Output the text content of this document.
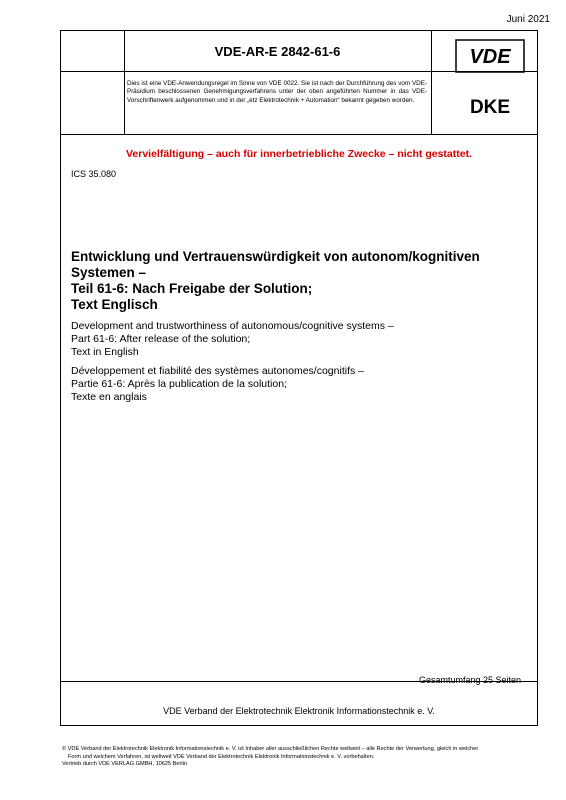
Juni 2021
VDE-AR-E 2842-61-6	VDE
Dies ist eine VDE-Anwendungsregel im Sinne von VDE 0022. Sie ist nach der Durchführung des vom VDE-Präsidium beschlossenen Genehmigungsverfahrens unter der oben angeführten Nummer in das VDE-Vorschriftenwerk aufgenommen und in der „etz Elektrotechnik + Automation“ bekannt gegeben worden.	DKE
Vervielfältigung – auch für innerbetriebliche Zwecke – nicht gestattet.
ICS 35.080
Entwicklung und Vertrauenswürdigkeit von autonom/kognitiven
Systemen –
Teil 61-6: Nach Freigabe der Solution;
Text Englisch
Development and trustworthiness of autonomous/cognitive systems –
Part 61-6: After release of the solution;
Text in English
Développement et fiabilité des systèmes autonomes/cognitifs –
Partie 61-6: Après la publication de la solution;
Texte en anglais
Gesamtumfang 25 Seiten
VDE Verband der Elektrotechnik Elektronik Informationstechnik e. V.
© VDE Verband der Elektrotechnik Elektronik Informationstechnik e. V. ist Inhaber aller ausschließlichen Rechte weltweit – alle Rechte der Verwertung, gleich in welcher
Form und welchem Verfahren, ist weltweit VDE Verband der Elektrotechnik Elektronik Informationstechnik e. V. vorbehalten.
Vertrieb durch VDE VERLAG GMBH, 10625 Berlin
